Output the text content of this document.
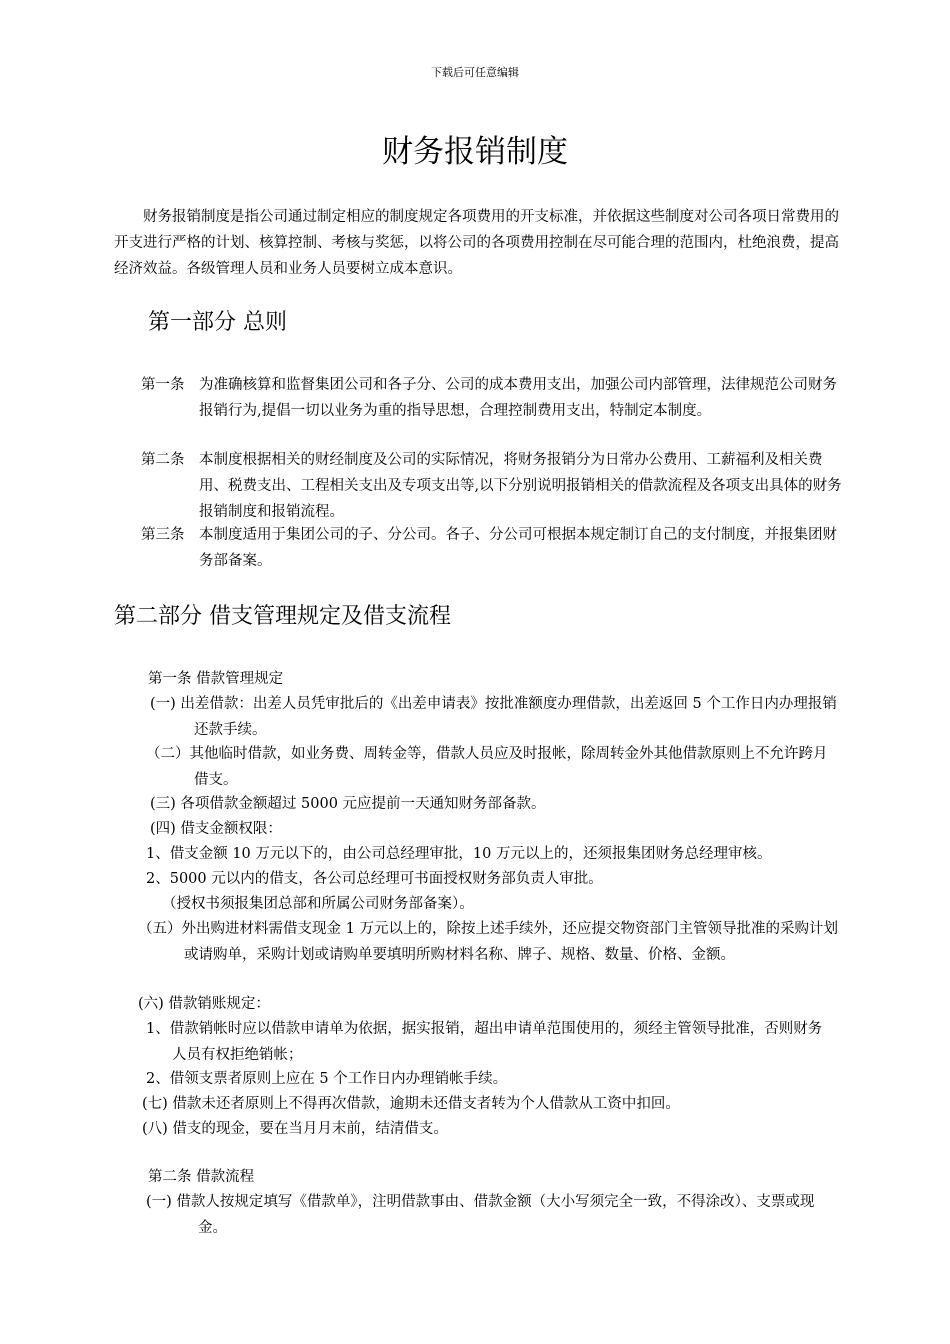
下载后可任意编辑
财务报销制度
财务报销制度是指公司通过制定相应的制度规定各项费用的开支标准，并依据这些制度对公司各项日常费用的开支进行严格的计划、核算控制、考核与奖惩，以将公司的各项费用控制在尽可能合理的范围内，杜绝浪费，提高经济效益。各级管理人员和业务人员要树立成本意识。
第一部分 总则
第一条 为准确核算和监督集团公司和各子分、公司的成本费用支出，加强公司内部管理，法律规范公司财务报销行为,提倡一切以业务为重的指导思想，合理控制费用支出，特制定本制度。
第二条 本制度根据相关的财经制度及公司的实际情况，将财务报销分为日常办公费用、工薪福利及相关费用、税费支出、工程相关支出及专项支出等,以下分别说明报销相关的借款流程及各项支出具体的财务报销制度和报销流程。
第三条 本制度适用于集团公司的子、分公司。各子、分公司可根据本规定制订自己的支付制度，并报集团财务部备案。
第二部分 借支管理规定及借支流程
第一条 借款管理规定
(一) 出差借款：出差人员凭审批后的《出差申请表》按批准额度办理借款，出差返回 5 个工作日内办理报销还款手续。
（二）其他临时借款，如业务费、周转金等，借款人员应及时报帐，除周转金外其他借款原则上不允许跨月借支。
(三) 各项借款金额超过 5000 元应提前一天通知财务部备款。
(四) 借支金额权限：
1、借支金额 10 万元以下的，由公司总经理审批，10 万元以上的，还须报集团财务总经理审核。
2、5000 元以内的借支，各公司总经理可书面授权财务部负责人审批。
（授权书须报集团总部和所属公司财务部备案）。
（五）外出购进材料需借支现金 1 万元以上的，除按上述手续外，还应提交物资部门主管领导批准的采购计划或请购单，采购计划或请购单要填明所购材料名称、牌子、规格、数量、价格、金额。
(六) 借款销账规定：
1、借款销帐时应以借款申请单为依据，据实报销，超出申请单范围使用的，须经主管领导批准，否则财务人员有权拒绝销帐；
2、借领支票者原则上应在 5 个工作日内办理销帐手续。
(七) 借款未还者原则上不得再次借款，逾期未还借支者转为个人借款从工资中扣回。
(八) 借支的现金，要在当月月末前，结清借支。
第二条 借款流程
(一) 借款人按规定填写《借款单》，注明借款事由、借款金额（大小写须完全一致，不得涂改）、支票或现金。
